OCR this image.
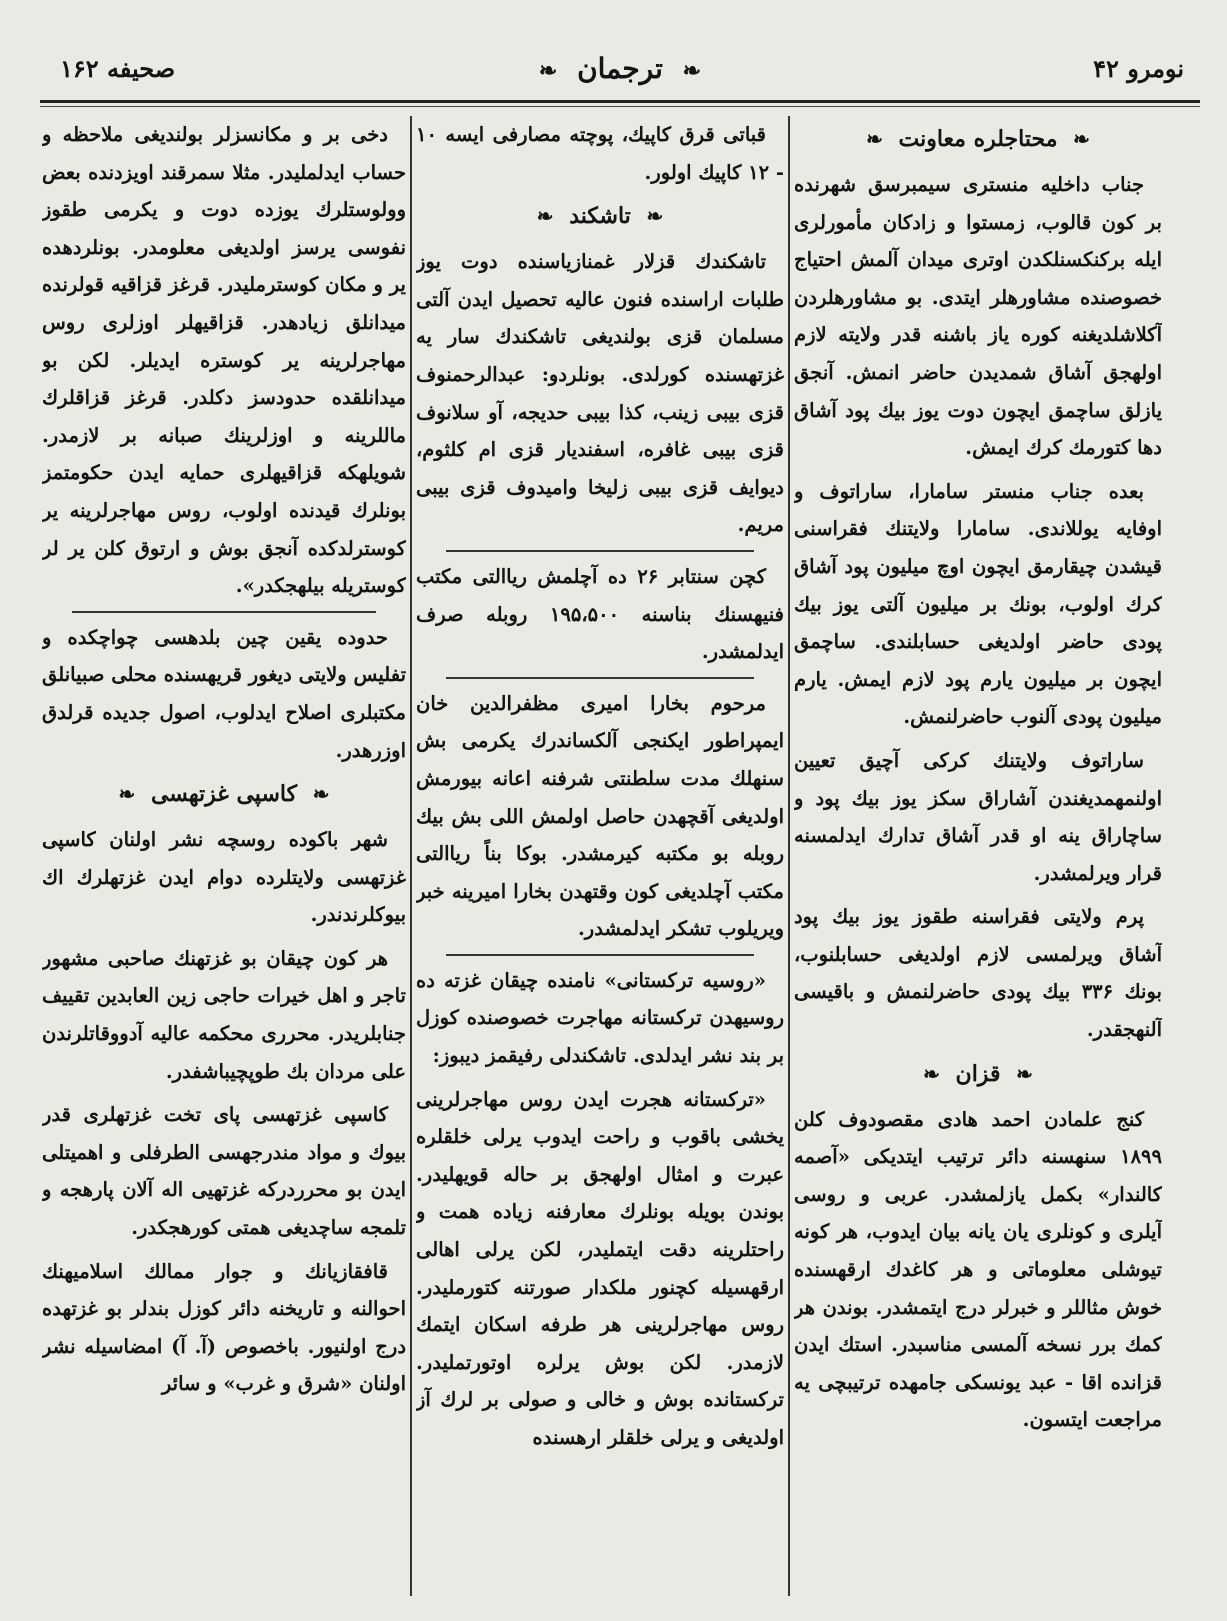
صحيفه ۱۶۲	❧ ترجمان ❧	نومرو ۴۲
❧ محتاجلره معاونت ❧

جناب داخليه منسترى سيمبرسق شهرنده بر كون قالوب، زمستوا و زادكان مأمورلرى ايله بركنكسنلكدن اوترى ميدان آلمش احتياج خصوصنده مشاورهلر ايتدى. بو مشاورهلردن آكلاشلديغنه كوره ياز باشنه قدر ولايته لازم اولهجق آشاق شمديدن حاضر انمش. آنجق يازلق ساچمق ايچون دوت يوز بيك پود آشاق دها كتورمك كرك ايمش.

بعده جناب منستر سامارا، ساراتوف و اوفايه يوللاندى. سامارا ولايتنك فقراسنى قيشدن چيقارمق ايچون اوچ ميليون پود آشاق كرك اولوب، بونك بر ميليون آلتى يوز بيك پودى حاضر اولديغى حسابلندى. ساچمق ايچون بر ميليون يارم پود لازم ايمش. يارم ميليون پودى آلنوب حاضرلنمش.

ساراتوف ولايتنك كركى آچيق تعيين اولنمهمديغندن آشاراق سكز يوز بيك پود و ساچاراق ينه او قدر آشاق تدارك ايدلمسنه قرار ويرلمشدر.

پرم ولايتى فقراسنه طقوز يوز بيك پود آشاق ويرلمسى لازم اولديغى حسابلنوب، بونك ۳۳۶ بيك پودى حاضرلنمش و باقيسى آلنهجقدر.

❧ قزان ❧

كنج علمادن احمد هادى مقصودوف كلن ۱۸۹۹ سنهسنه دائر ترتيب ايتديكى «آصمه كالندار» بكمل يازلمشدر. عربى و روسى آيلرى و كونلرى يان يانه بيان ايدوب، هر كونه تيوشلى معلوماتى و هر كاغدك ارقهسنده خوش مثاللر و خبرلر درج ايتمشدر. بوندن هر كمك برر نسخه آلمسى مناسبدر. استك ايدن قزانده اقا - عبد يونسكى جامهده ترتيبچى يه مراجعت ايتسون.

قباتى قرق كاپيك، پوچته مصارفى ايسه ۱۰ - ۱۲ كاپيك اولور.

❧ تاشكند ❧

تاشكندك قزلار غمنازياسنده دوت يوز طلبات اراسنده فنون عاليه تحصيل ايدن آلتى مسلمان قزى بولنديغى تاشكندك سار يه غزتهسنده كورلدى. بونلردو: عبدالرحمنوف قزى بيبى زينب، كذا بيبى حديجه، آو سلانوف قزى بيبى غافره، اسفنديار قزى ام كلثوم، ديوايف قزى بيبى زليخا واميدوف قزى بيبى مريم.

كچن سنتابر ۲۶ ده آچلمش رياالتى مكتب فنيهسنك بناسنه ۱۹۵،۵۰۰ روبله صرف ايدلمشدر.

مرحوم بخارا اميرى مظفرالدين خان ايمپراطور ايكنجى آلكساندرك يكرمى بش سنهلك مدت سلطنتى شرفنه اعانه بيورمش اولديغى آقچهدن حاصل اولمش اللى بش بيك روبله بو مكتبه كيرمشدر. بوكا بناً رياالتى مكتب آچلديغى كون وقتهدن بخارا اميرينه خبر ويريلوب تشكر ايدلمشدر.

«روسيه تركستانى» نامنده چيقان غزته ده روسيهدن تركستانه مهاجرت خصوصنده كوزل بر بند نشر ايدلدى. تاشكندلى رفيقمز ديبوز:

«تركستانه هجرت ايدن روس مهاجرلرينى يخشى باقوب و راحت ايدوب يرلى خلقلره عبرت و امثال اولهجق بر حاله قويهليدر. بوندن بويله بونلرك معارفنه زياده همت و راحتلرينه دقت ايتمليدر، لكن يرلى اهالى ارقهسيله كچنور ملكدار صورتنه كتورمليدر. روس مهاجرلرينى هر طرفه اسكان ايتمك لازمدر. لكن بوش يرلره اوتورتمليدر. تركستانده بوش و خالى و صولى بر لرك آز اولديغى و يرلى خلقلر ارهسنده

دخى بر و مكانسزلر بولنديغى ملاحظه و حساب ايدلمليدر. مثلا سمرقند اويزدنده بعض وولوستلرك يوزده دوت و يكرمى طقوز نفوسى يرسز اولديغى معلومدر. بونلردهده ير و مكان كوسترمليدر. قرغز قزاقيه قولرنده ميدانلق زيادهدر. قزاقيهلر اوزلرى روس مهاجرلرينه ير كوستره ايديلر. لكن بو ميدانلقده حدودسز دكلدر. قرغز قزاقلرك ماللرينه و اوزلرينك صبانه بر لازمدر. شويلهكه قزاقيهلرى حمايه ايدن حكومتمز بونلرك قيدنده اولوب، روس مهاجرلرينه ير كوسترلدكده آنجق بوش و ارتوق كلن ير لر كوستريله بيلهجكدر».

حدوده يقين چين بلدهسى چواچكده و تفليس ولايتى ديغور قريهسنده محلى صبيانلق مكتبلرى اصلاح ايدلوب، اصول جديده قرلدق اوزرهدر.

❧ كاسپى غزتهسى ❧

شهر باكوده روسچه نشر اولنان كاسپى غزتهسى ولايتلرده دوام ايدن غزتهلرك اك بيوكلرندندر.

هر كون چيقان بو غزتهنك صاحبى مشهور تاجر و اهل خيرات حاجى زين العابدين تقييف جنابلريدر. محررى محكمه عاليه آدووقاتلرندن على مردان بك طوپچيباشفدر.

كاسپى غزتهسى پاى تخت غزتهلرى قدر بيوك و مواد مندرجهسى الطرفلى و اهميتلى ايدن بو محرردركه غزتهيى اله آلان پارهجه و تلمجه ساچديغى همتى كورهجكدر.

قافقازيانك و جوار ممالك اسلاميهنك احوالنه و تاريخنه دائر كوزل بندلر بو غزتهده درج اولنيور. باخصوص (آ. آ) امضاسيله نشر اولنان «شرق و غرب» و سائر
